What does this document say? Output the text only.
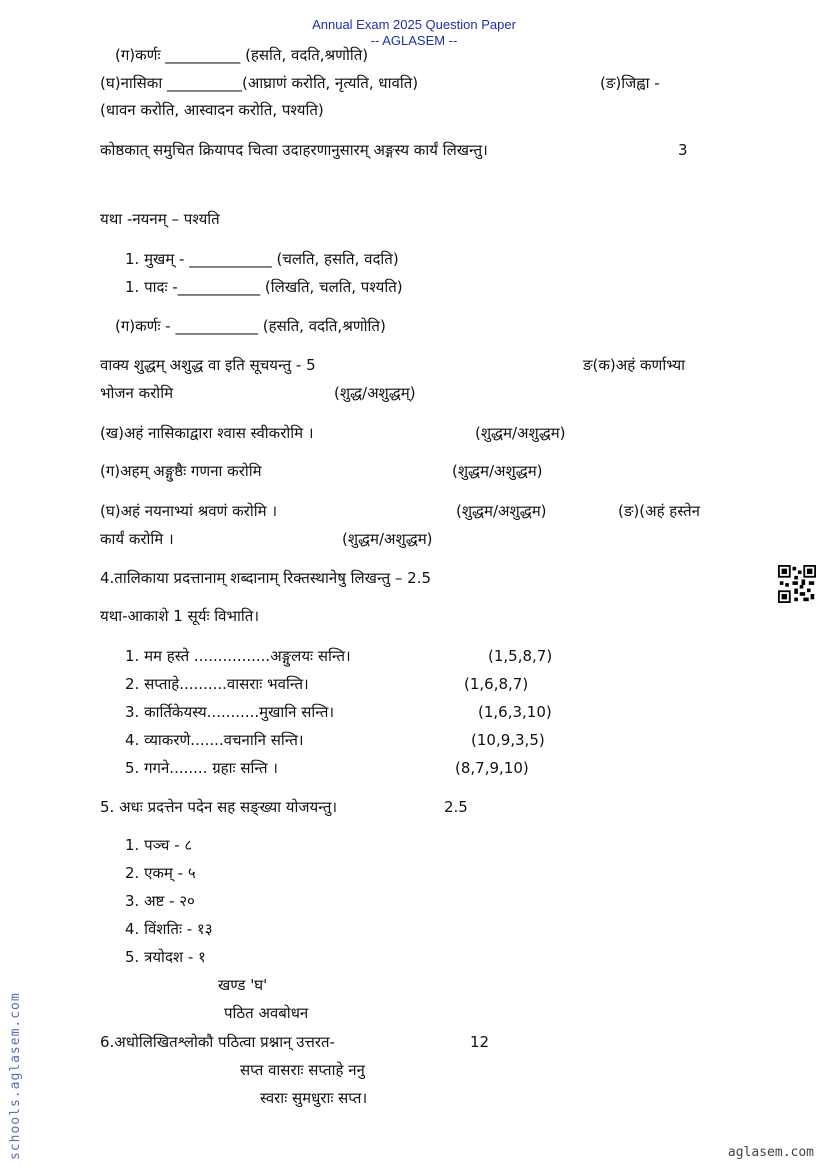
Annual Exam 2025 Question Paper
-- AGLASEM --
(ग)कर्णः __________ (हसति, वदति,श्रणोति)
(घ)नासिका __________(आघ्राणं करोति, नृत्यति, धावति)	(ङ)जिह्वा -
(धावन करोति, आस्वादन करोति, पश्यति)
कोष्ठकात् समुचित क्रियापद चित्वा उदाहरणानुसारम् अङ्गस्य कार्यं लिखन्तु।	3
यथा -नयनम् – पश्यति
1. मुखम् - ___________ (चलति, हसति, वदति)
1. पादः -___________ (लिखति, चलति, पश्यति)
(ग)कर्णः - ___________ (हसति, वदति,श्रणोति)
वाक्य शुद्धम् अशुद्ध वा इति सूचयन्तु - 5	ङ(क)अहं कर्णाभ्या
भोजन करोमि	(शुद्ध/अशुद्धम्)
(ख)अहं नासिकाद्वारा श्वास स्वीकरोमि ।	(शुद्धम/अशुद्धम)
(ग)अहम् अङ्गुष्ठैः गणना करोमि	(शुद्धम/अशुद्धम)
(घ)अहं नयनाभ्यां श्रवणं करोमि ।	(शुद्धम/अशुद्धम)	(ङ)(अहं हस्तेन
कार्यं करोमि ।	(शुद्धम/अशुद्धम)
4.तालिकाया प्रदत्तानाम् शब्दानाम् रिक्तस्थानेषु लिखन्तु – 2.5
यथा-आकाशे 1 सूर्यः विभाति।
1. मम हस्ते ................अङ्गुलयः सन्ति।	(1,5,8,7)
2. सप्ताहे..........वासराः भवन्ति।	(1,6,8,7)
3. कार्तिकेयस्य...........मुखानि सन्ति।	(1,6,3,10)
4. व्याकरणे.......वचनानि सन्ति।	(10,9,3,5)
5. गगने........ ग्रहाः सन्ति ।	(8,7,9,10)
5. अधः प्रदत्तेन पदेन सह सङ्ख्या योजयन्तु।	2.5
1. पञ्च - ८
2. एकम् - ५
3. अष्ट - २०
4. विंशतिः - १३
5. त्रयोदश - १
खण्ड 'घ'
पठित अवबोधन
6.अधोलिखितश्लोकौ पठित्वा प्रश्नान् उत्तरत-	12
सप्त वासराः सप्ताहे ननु
स्वराः सुमधुराः सप्त।
schools.aglasem.com	aglasem.com
